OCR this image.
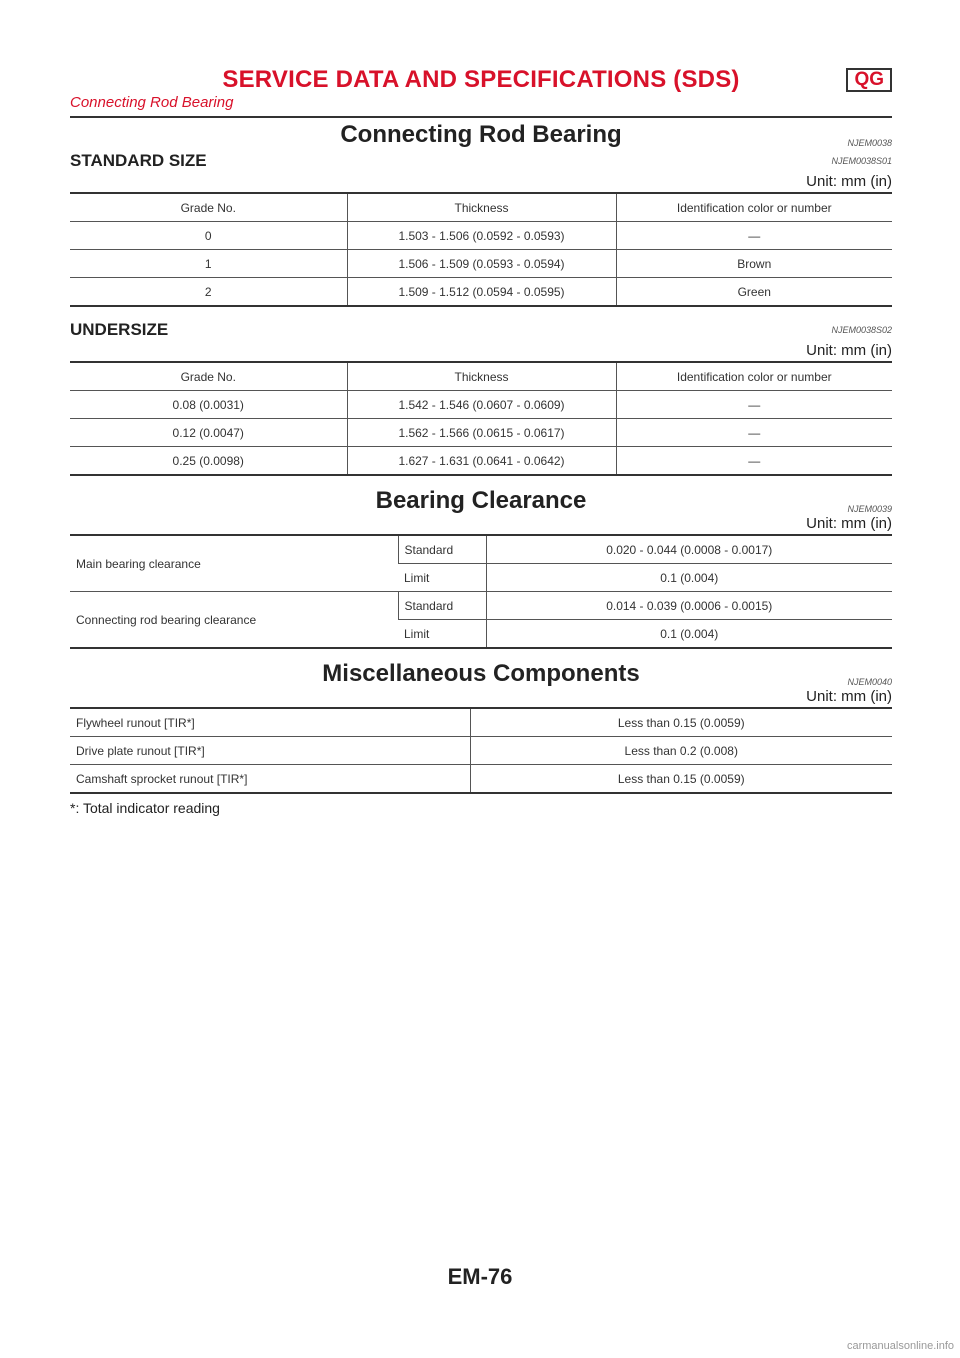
SERVICE DATA AND SPECIFICATIONS (SDS)	QG
Connecting Rod Bearing
Connecting Rod Bearing	NJEM0038
STANDARD SIZE	NJEM0038S01
Unit: mm (in)
Grade No.	Thickness	Identification color or number
0	1.503 - 1.506 (0.0592 - 0.0593)	—
1	1.506 - 1.509 (0.0593 - 0.0594)	Brown
2	1.509 - 1.512 (0.0594 - 0.0595)	Green
UNDERSIZE	NJEM0038S02
Unit: mm (in)
Grade No.	Thickness	Identification color or number
0.08 (0.0031)	1.542 - 1.546 (0.0607 - 0.0609)	—
0.12 (0.0047)	1.562 - 1.566 (0.0615 - 0.0617)	—
0.25 (0.0098)	1.627 - 1.631 (0.0641 - 0.0642)	—
Bearing Clearance	NJEM0039
Unit: mm (in)
Main bearing clearance	Standard	0.020 - 0.044 (0.0008 - 0.0017)
	Limit	0.1 (0.004)
Connecting rod bearing clearance	Standard	0.014 - 0.039 (0.0006 - 0.0015)
	Limit	0.1 (0.004)
Miscellaneous Components	NJEM0040
Unit: mm (in)
Flywheel runout [TIR*]	Less than 0.15 (0.0059)
Drive plate runout [TIR*]	Less than 0.2 (0.008)
Camshaft sprocket runout [TIR*]	Less than 0.15 (0.0059)
*: Total indicator reading
EM-76
carmanualsonline.info
